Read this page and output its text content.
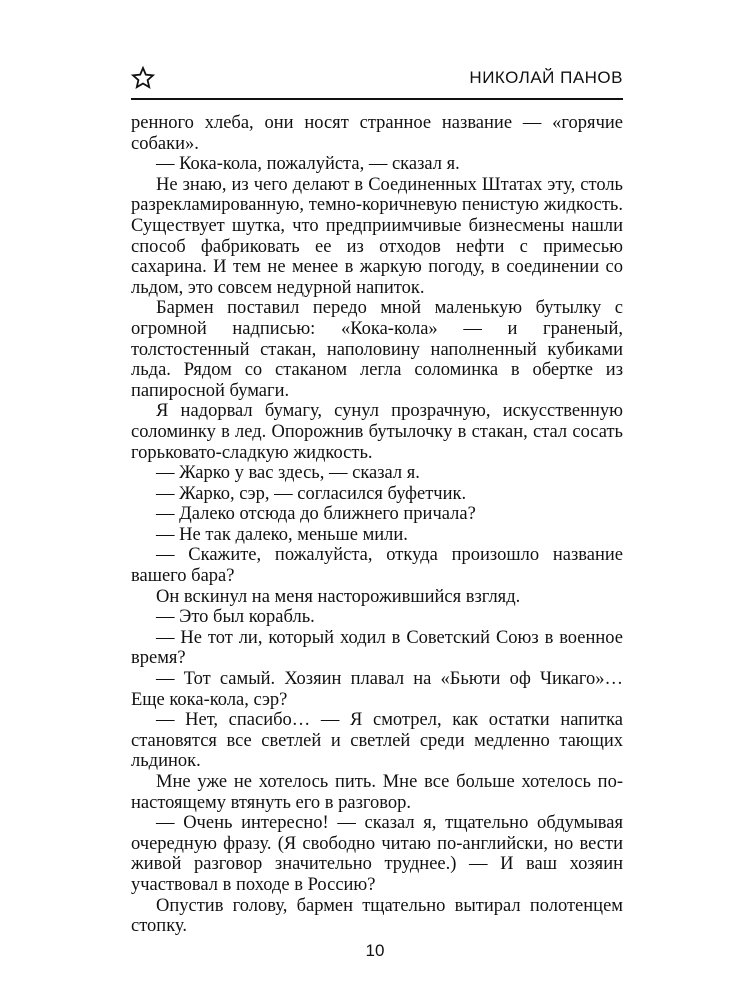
НИКОЛАЙ ПАНОВ

ренного хлеба, они носят странное название — «горячие собаки».

— Кока-кола, пожалуйста, — сказал я.

Не знаю, из чего делают в Соединенных Штатах эту, столь разрекламированную, темно-коричневую пенистую жидкость. Существует шутка, что предприимчивые бизнесмены нашли способ фабриковать ее из отходов нефти с примесью сахарина. И тем не менее в жаркую погоду, в соединении со льдом, это совсем недурной напиток.

Бармен поставил передо мной маленькую бутылку с огромной надписью: «Кока-кола» — и граненый, толстостенный стакан, наполовину наполненный кубиками льда. Рядом со стаканом легла соломинка в обертке из папиросной бумаги.

Я надорвал бумагу, сунул прозрачную, искусственную соломинку в лед. Опорожнив бутылочку в стакан, стал сосать горьковато-сладкую жидкость.

— Жарко у вас здесь, — сказал я.

— Жарко, сэр, — согласился буфетчик.

— Далеко отсюда до ближнего причала?

— Не так далеко, меньше мили.

— Скажите, пожалуйста, откуда произошло название вашего бара?

Он вскинул на меня насторожившийся взгляд.

— Это был корабль.

— Не тот ли, который ходил в Советский Союз в военное время?

— Тот самый. Хозяин плавал на «Бьюти оф Чикаго»… Еще кока-кола, сэр?

— Нет, спасибо… — Я смотрел, как остатки напитка становятся все светлей и светлей среди медленно тающих льдинок.

Мне уже не хотелось пить. Мне все больше хотелось по-настоящему втянуть его в разговор.

— Очень интересно! — сказал я, тщательно обдумывая очередную фразу. (Я свободно читаю по-английски, но вести живой разговор значительно труднее.) — И ваш хозяин участвовал в походе в Россию?

Опустив голову, бармен тщательно вытирал полотенцем стопку.

10
